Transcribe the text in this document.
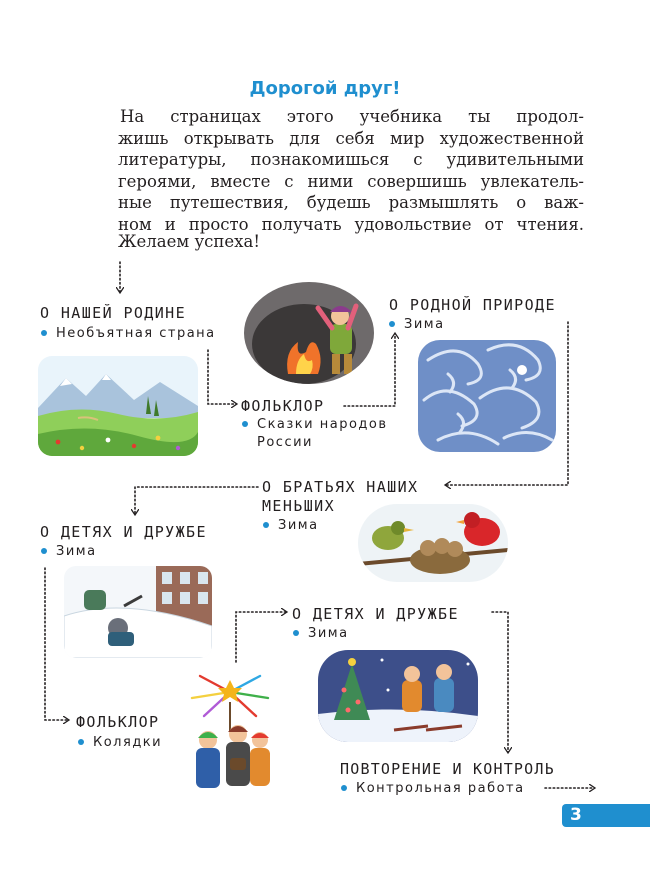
Дорогой друг!
На страницах этого учебника ты продол-
жишь открывать для себя мир художественной
литературы, познакомишься с удивительными
героями, вместе с ними совершишь увлекатель-
ные путешествия, будешь размышлять о важ-
ном и просто получать удовольствие от чтения.
Желаем успеха!
О НАШЕЙ РОДИНЕ
Необъятная страна
ФОЛЬКЛОР
Сказки народов
России
О РОДНОЙ ПРИРОДЕ
Зима
О БРАТЬЯХ НАШИХ
МЕНЬШИХ
Зима
О ДЕТЯХ И ДРУЖБЕ
Зима
О ДЕТЯХ И ДРУЖБЕ
Зима
ФОЛЬКЛОР
Колядки
ПОВТОРЕНИЕ И КОНТРОЛЬ
Контрольная работа
3
